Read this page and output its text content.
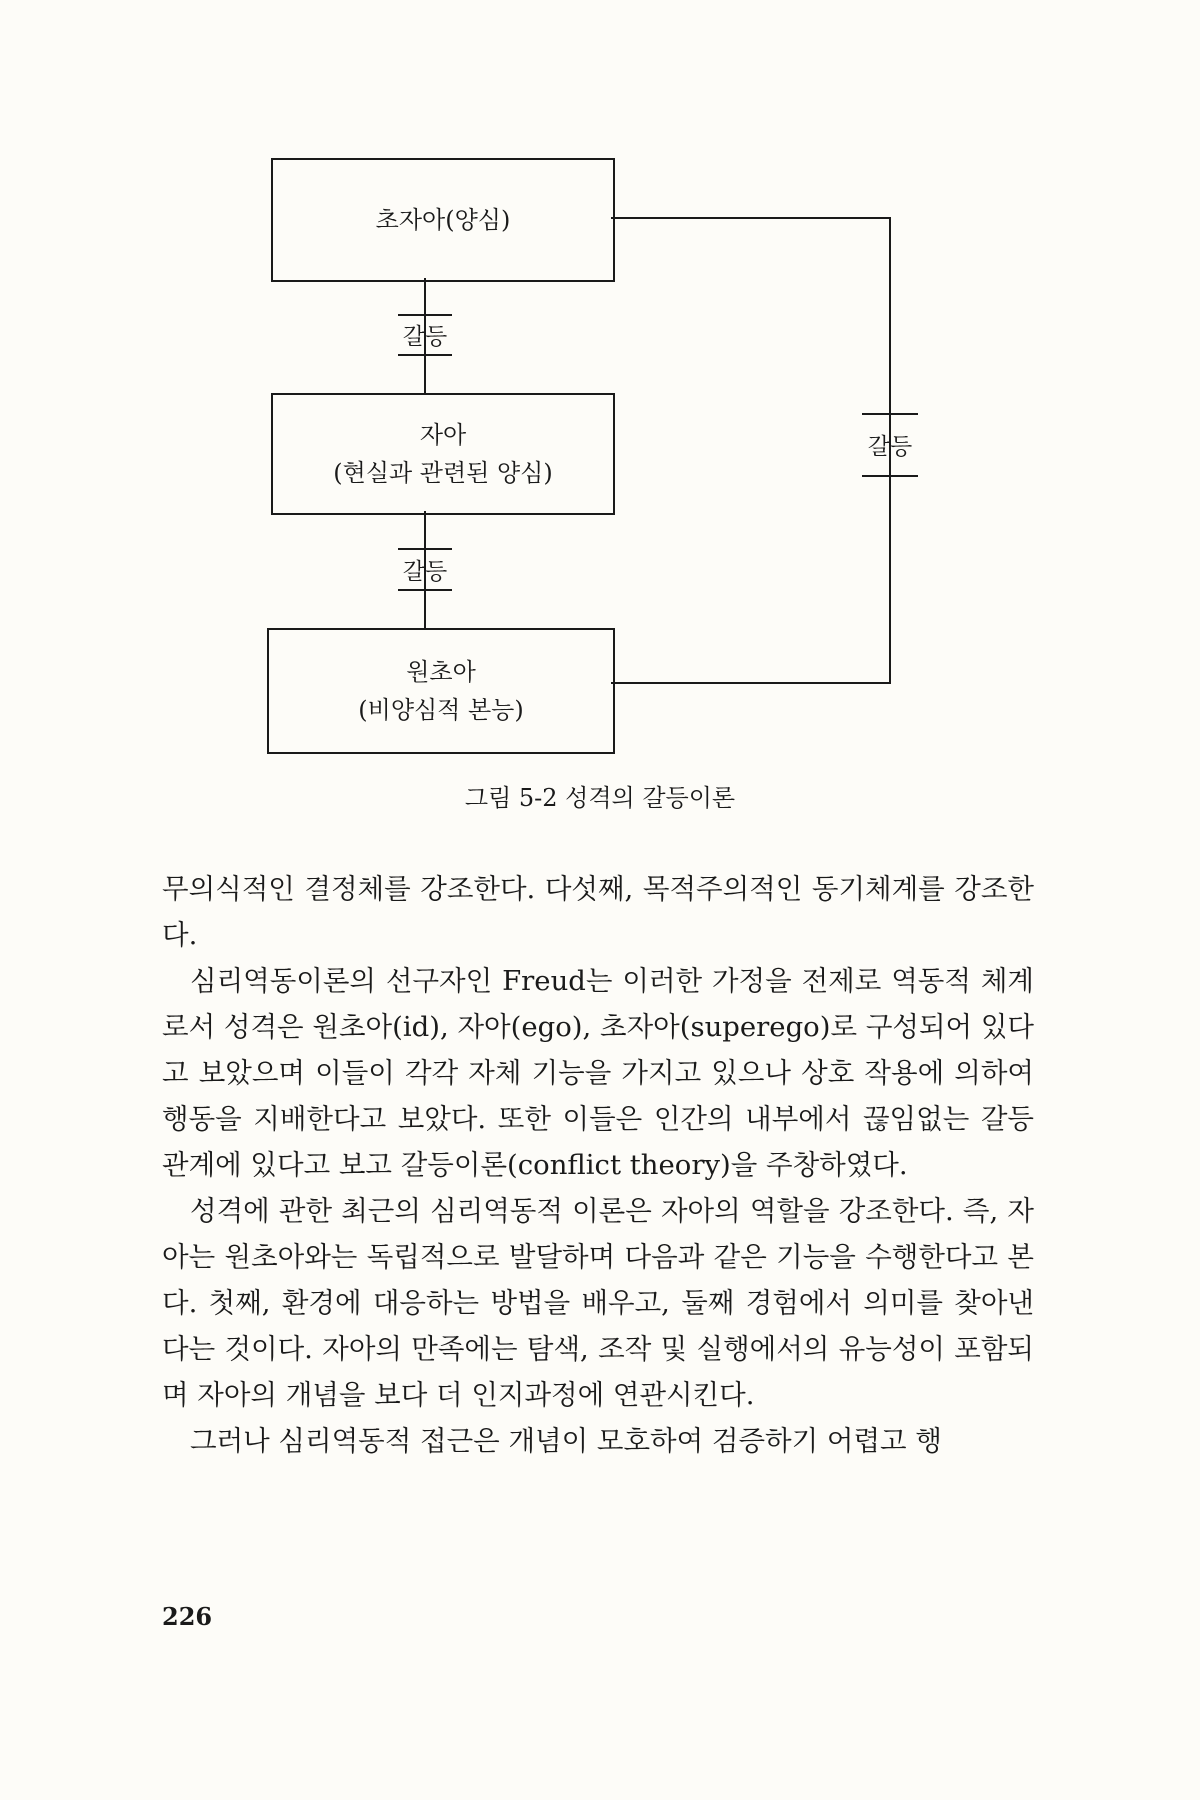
초자아(양심)
갈등
자아
(현실과 관련된 양심)
갈등
갈등
원초아
(비양심적 본능)
그림 5-2 성격의 갈등이론

무의식적인 결정체를 강조한다. 다섯째, 목적주의적인 동기체계를 강조한다.

심리역동이론의 선구자인 Freud는 이러한 가정을 전제로 역동적 체계로서 성격은 원초아(id), 자아(ego), 초자아(superego)로 구성되어 있다고 보았으며 이들이 각각 자체 기능을 가지고 있으나 상호 작용에 의하여 행동을 지배한다고 보았다. 또한 이들은 인간의 내부에서 끊임없는 갈등관계에 있다고 보고 갈등이론(conflict theory)을 주창하였다.

성격에 관한 최근의 심리역동적 이론은 자아의 역할을 강조한다. 즉, 자아는 원초아와는 독립적으로 발달하며 다음과 같은 기능을 수행한다고 본다. 첫째, 환경에 대응하는 방법을 배우고, 둘째 경험에서 의미를 찾아낸다는 것이다. 자아의 만족에는 탐색, 조작 및 실행에서의 유능성이 포함되며 자아의 개념을 보다 더 인지과정에 연관시킨다.

그러나 심리역동적 접근은 개념이 모호하여 검증하기 어렵고 행

226
